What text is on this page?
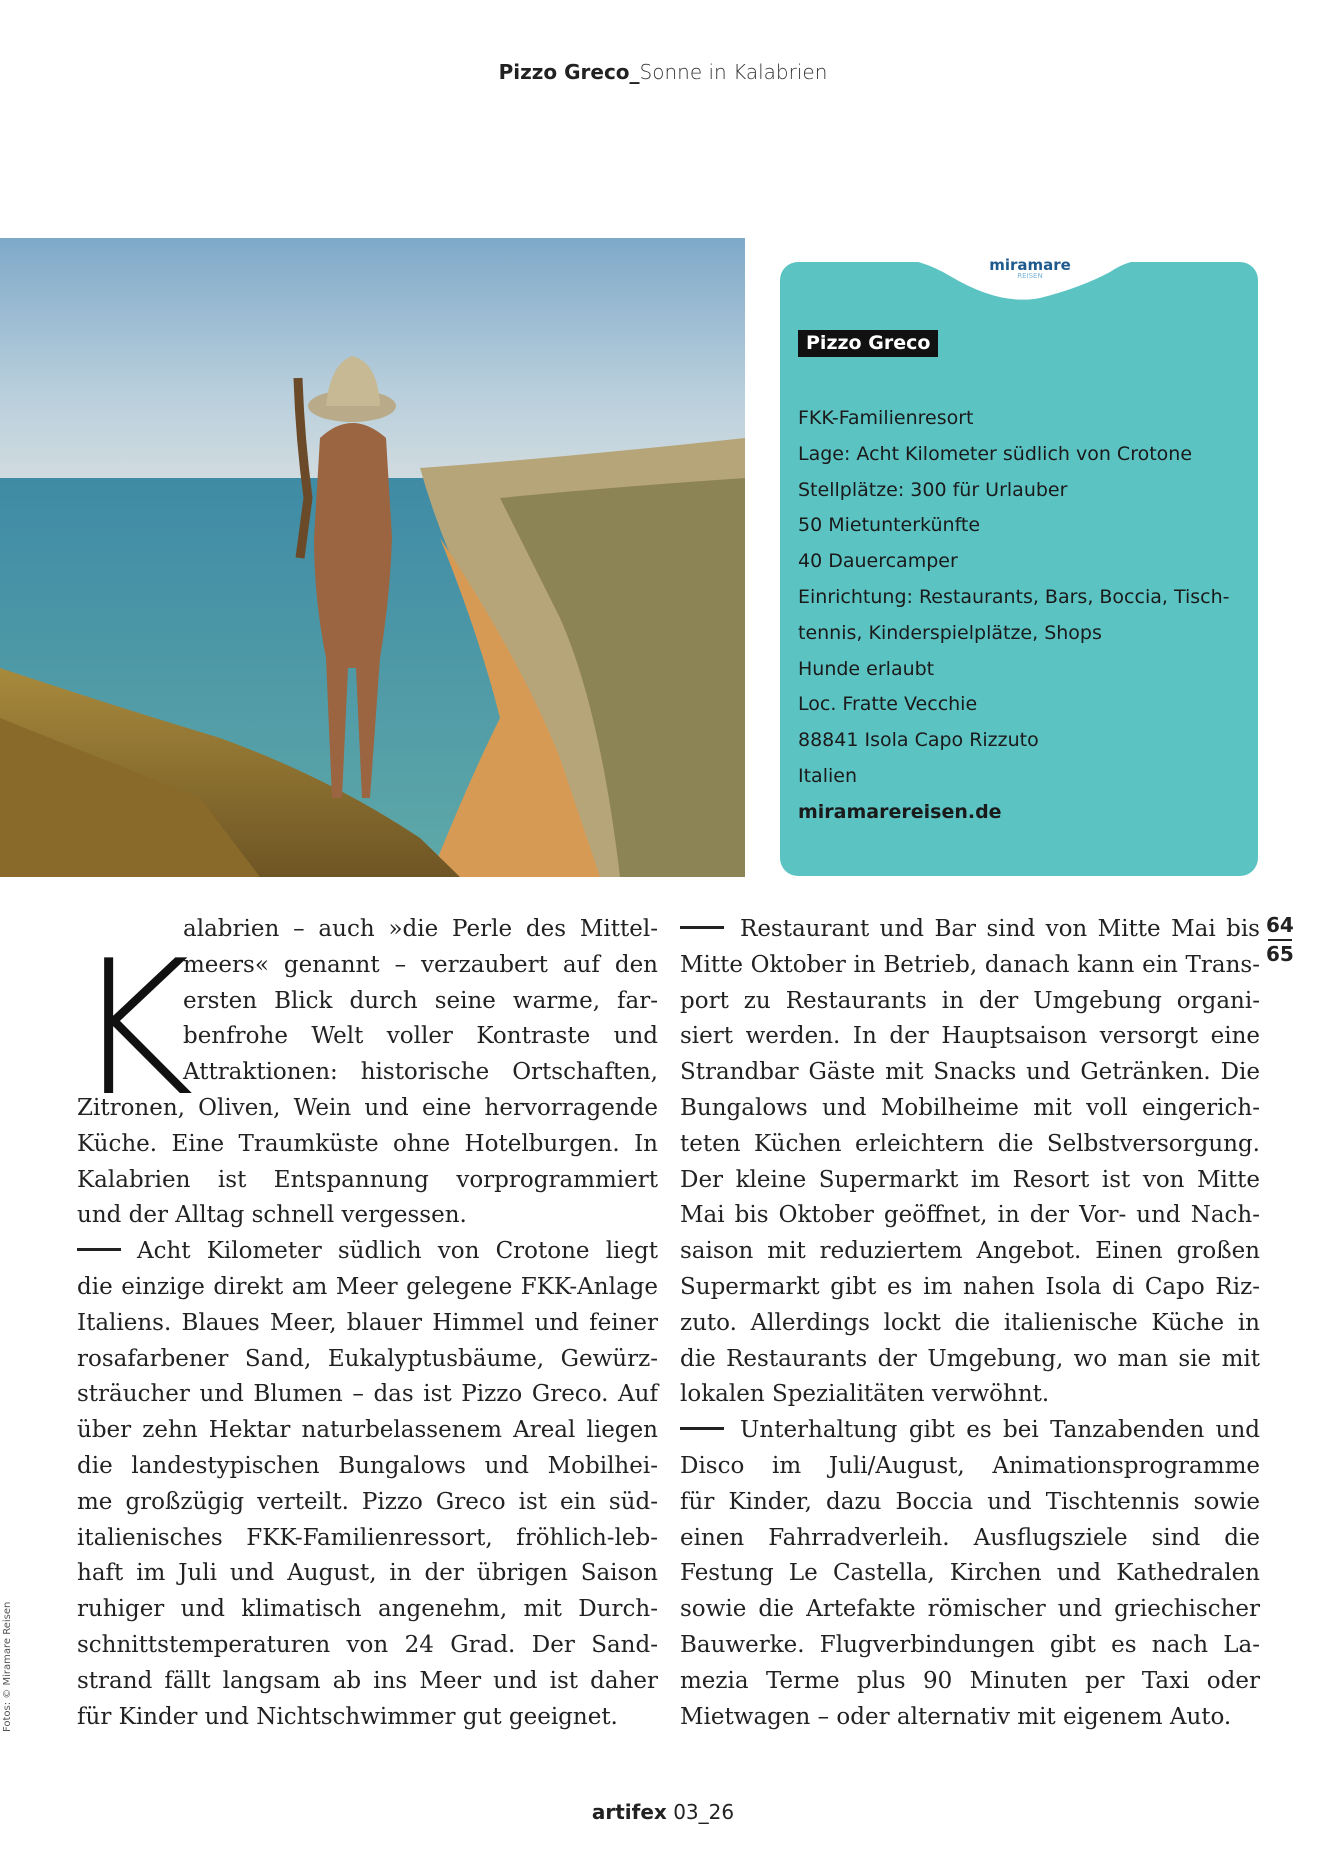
Pizzo Greco_Sonne in Kalabrien
miramare
REISEN
Pizzo Greco
FKK-Familienresort
Lage: Acht Kilometer südlich von Crotone
Stellplätze: 300 für Urlauber
50 Mietunterkünfte
40 Dauercamper
Einrichtung: Restaurants, Bars, Boccia, Tisch-
tennis, Kinderspielplätze, Shops
Hunde erlaubt
Loc. Fratte Vecchie
88841 Isola Capo Rizzuto
Italien
miramarereisen.de
K
alabrien – auch »die Perle des Mittel-
meers« genannt – verzaubert auf den
ersten Blick durch seine warme, far-
benfrohe Welt voller Kontraste und
Attraktionen: historische Ortschaften,
Zitronen, Oliven, Wein und eine hervorragende
Küche. Eine Traumküste ohne Hotelburgen. In
Kalabrien ist Entspannung vorprogrammiert
und der Alltag schnell vergessen.
Acht Kilometer südlich von Crotone liegt
die einzige direkt am Meer gelegene FKK-Anlage
Italiens. Blaues Meer, blauer Himmel und feiner
rosafarbener Sand, Eukalyptusbäume, Gewürz-
sträucher und Blumen – das ist Pizzo Greco. Auf
über zehn Hektar naturbelassenem Areal liegen
die landestypischen Bungalows und Mobilhei-
me großzügig verteilt. Pizzo Greco ist ein süd-
italienisches FKK-Familienressort, fröhlich-leb-
haft im Juli und August, in der übrigen Saison
ruhiger und klimatisch angenehm, mit Durch-
schnittstemperaturen von 24 Grad. Der Sand-
strand fällt langsam ab ins Meer und ist daher
für Kinder und Nichtschwimmer gut geeignet.
Restaurant und Bar sind von Mitte Mai bis
Mitte Oktober in Betrieb, danach kann ein Trans-
port zu Restaurants in der Umgebung organi-
siert werden. In der Hauptsaison versorgt eine
Strandbar Gäste mit Snacks und Getränken. Die
Bungalows und Mobilheime mit voll eingerich-
teten Küchen erleichtern die Selbstversorgung.
Der kleine Supermarkt im Resort ist von Mitte
Mai bis Oktober geöffnet, in der Vor- und Nach-
saison mit reduziertem Angebot. Einen großen
Supermarkt gibt es im nahen Isola di Capo Riz-
zuto. Allerdings lockt die italienische Küche in
die Restaurants der Umgebung, wo man sie mit
lokalen Spezialitäten verwöhnt.
Unterhaltung gibt es bei Tanzabenden und
Disco im Juli/August, Animationsprogramme
für Kinder, dazu Boccia und Tischtennis sowie
einen Fahrradverleih. Ausflugsziele sind die
Festung Le Castella, Kirchen und Kathedralen
sowie die Artefakte römischer und griechischer
Bauwerke. Flugverbindungen gibt es nach La-
mezia Terme plus 90 Minuten per Taxi oder
Mietwagen – oder alternativ mit eigenem Auto.
64
65
Fotos: © Miramare Reisen
artifex 03_26
